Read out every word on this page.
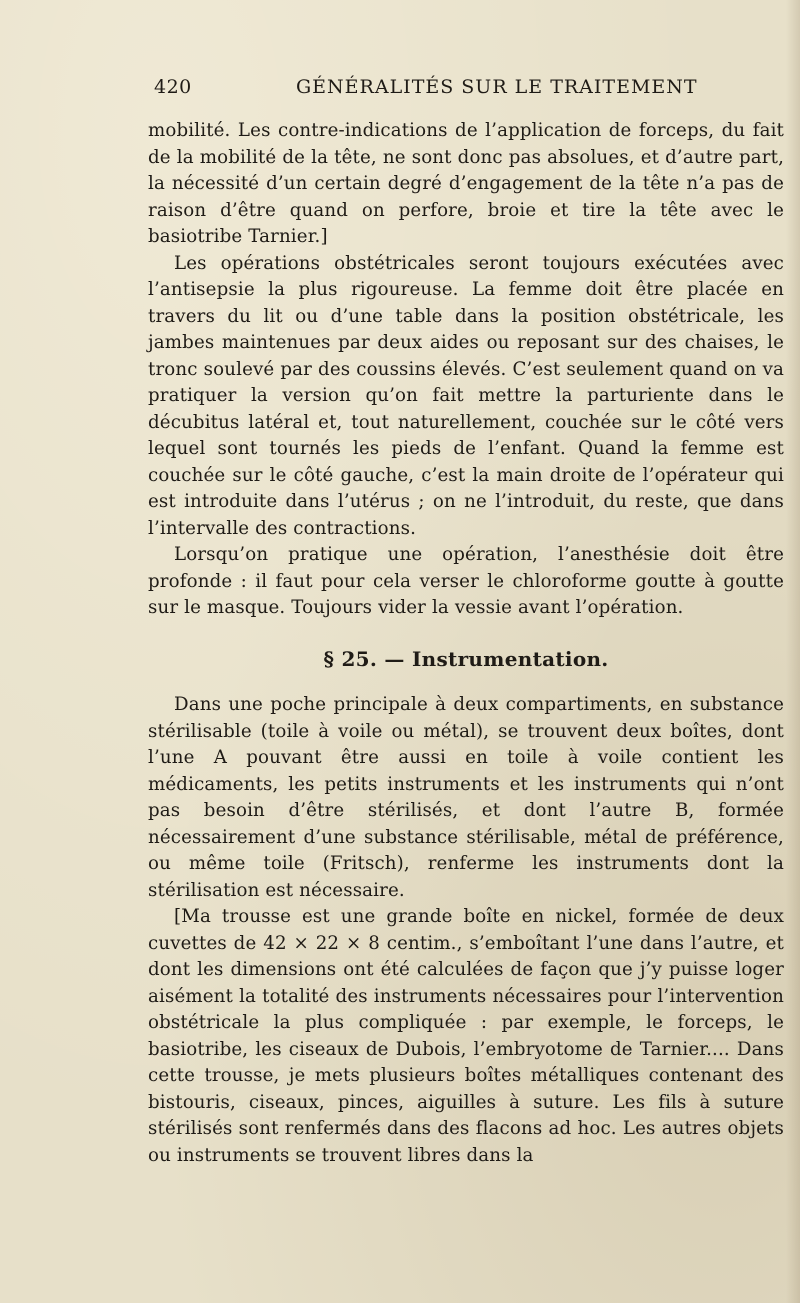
420	GÉNÉRALITÉS SUR LE TRAITEMENT

mobilité. Les contre-indications de l’application de forceps, du fait de la mobilité de la tête, ne sont donc pas absolues, et d’autre part, la nécessité d’un certain degré d’engagement de la tête n’a pas de raison d’être quand on perfore, broie et tire la tête avec le basiotribe Tarnier.]

Les opérations obstétricales seront toujours exécutées avec l’antisepsie la plus rigoureuse. La femme doit être placée en travers du lit ou d’une table dans la position obstétricale, les jambes maintenues par deux aides ou reposant sur des chaises, le tronc soulevé par des coussins élevés. C’est seulement quand on va pratiquer la version qu’on fait mettre la parturiente dans le décubitus latéral et, tout naturellement, couchée sur le côté vers lequel sont tournés les pieds de l’enfant. Quand la femme est couchée sur le côté gauche, c’est la main droite de l’opérateur qui est introduite dans l’utérus ; on ne l’introduit, du reste, que dans l’intervalle des contractions.

Lorsqu’on pratique une opération, l’anesthésie doit être profonde : il faut pour cela verser le chloroforme goutte à goutte sur le masque. Toujours vider la vessie avant l’opération.

§ 25. — Instrumentation.

Dans une poche principale à deux compartiments, en substance stérilisable (toile à voile ou métal), se trouvent deux boîtes, dont l’une A pouvant être aussi en toile à voile contient les médicaments, les petits instruments et les instruments qui n’ont pas besoin d’être stérilisés, et dont l’autre B, formée nécessairement d’une substance stérilisable, métal de préférence, ou même toile (Fritsch), renferme les instruments dont la stérilisation est nécessaire.

[Ma trousse est une grande boîte en nickel, formée de deux cuvettes de 42 × 22 × 8 centim., s’emboîtant l’une dans l’autre, et dont les dimensions ont été calculées de façon que j’y puisse loger aisément la totalité des instruments nécessaires pour l’intervention obstétricale la plus compliquée : par exemple, le forceps, le basiotribe, les ciseaux de Dubois, l’embryotome de Tarnier.... Dans cette trousse, je mets plusieurs boîtes métalliques contenant des bistouris, ciseaux, pinces, aiguilles à suture. Les fils à suture stérilisés sont renfermés dans des flacons ad hoc. Les autres objets ou instruments se trouvent libres dans la
